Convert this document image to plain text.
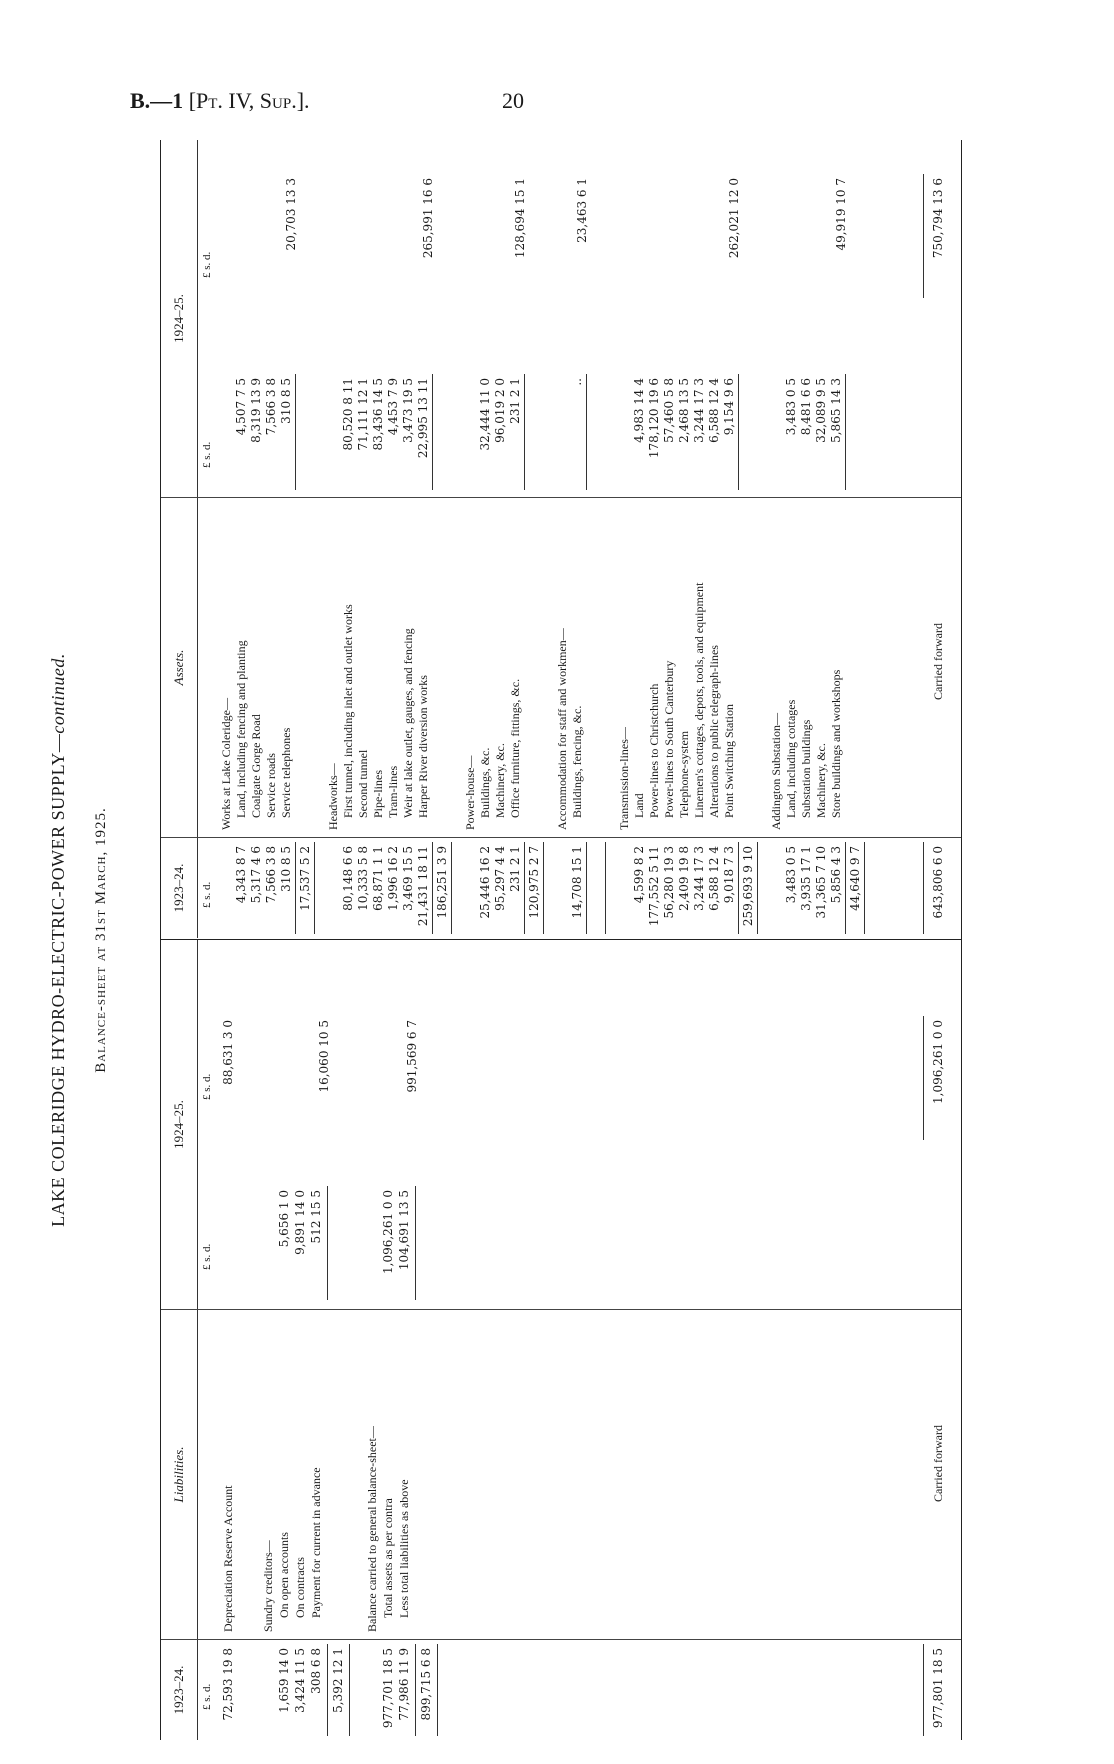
B.—1 [Pt. IV, Sup.].	20
LAKE COLERIDGE HYDRO-ELECTRIC-POWER SUPPLY—continued.
Balance-sheet at 31st March, 1925.
1923–24.
Liabilities.
1924–25.
£ s. d.
£ s. d.
£ s. d.
72,593 19 8
Depreciation Reserve Account
88,631 3 0
Sundry creditors—
1,659 14 0
On open accounts
5,656 1 0
3,424 11 5
On contracts
9,891 14 0
308 6 8
Payment for current in advance
512 15 5
5,392 12 1
16,060 10 5
Balance carried to general balance-sheet—
977,701 18 5
Total assets as per contra
1,096,261 0 0
77,986 11 9
Less total liabilities as above
104,691 13 5
899,715 6 8
991,569 6 7
977,801 18 5
Carried forward
1,096,261 0 0
1923–24.
Assets.
1924–25.
£ s. d.
£ s. d.
£ s. d.
Works at Lake Coleridge—
4,343 8 7
Land, including fencing and planting
4,507 7 5
5,317 4 6
Coalgate Gorge Road
8,319 13 9
7,566 3 8
Service roads
7,566 3 8
310 8 5
Service telephones
310 8 5
17,537 5 2
20,703 13 3
Headworks—
80,148 6 6
First tunnel, including inlet and outlet works
80,520 8 11
10,333 5 8
Second tunnel
71,111 12 1
68,871 1 1
Pipe-lines
83,436 14 5
1,996 16 2
Tram-lines
4,453 7 9
3,469 15 5
Weir at lake outlet, gauges, and fencing
3,473 19 5
21,431 18 11
Harper River diversion works
22,995 13 11
186,251 3 9
265,991 16 6
Power-house—
25,446 16 2
Buildings, &c.
32,444 11 0
95,297 4 4
Machinery, &c.
96,019 2 0
231 2 1
Office furniture, fittings, &c.
231 2 1
120,975 2 7
128,694 15 1
Accommodation for staff and workmen—
14,708 15 1
Buildings, fencing, &c.
..
23,463 6 1
Transmission-lines—
4,599 8 2
Land
4,983 14 4
177,552 5 11
Power-lines to Christchurch
178,120 19 6
56,280 19 3
Power-lines to South Canterbury
57,460 5 8
2,409 19 8
Telephone-system
2,468 13 5
3,244 17 3
Linemen's cottages, depots, tools, and equipment
3,244 17 3
6,588 12 4
Alterations to public telegraph-lines
6,588 12 4
9,018 7 3
Point Switching Station
9,154 9 6
259,693 9 10
262,021 12 0
Addington Substation—
3,483 0 5
Land, including cottages
3,483 0 5
3,935 17 1
Substation buildings
8,481 6 6
31,365 7 10
Machinery, &c.
32,089 9 5
5,856 4 3
Store buildings and workshops
5,865 14 3
44,640 9 7
49,919 10 7
643,806 6 0
Carried forward
750,794 13 6
